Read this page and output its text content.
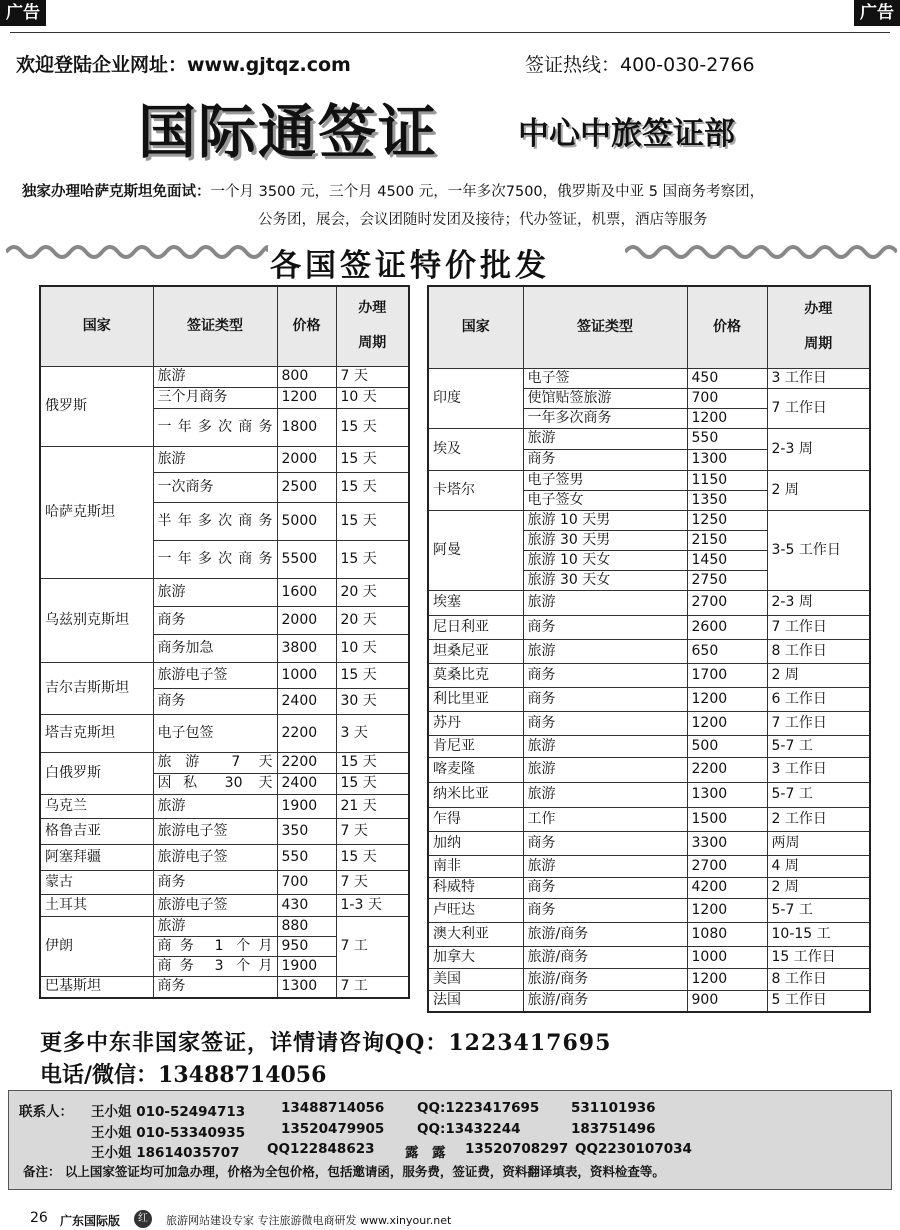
广告	广告
欢迎登陆企业网址：www.gjtqz.com	签证热线：400-030-2766
国际通签证	中心中旅签证部
独家办理哈萨克斯坦免面试：一个月 3500 元，三个月 4500 元，一年多次7500，俄罗斯及中亚 5 国商务考察团，
公务团，展会，会议团随时发团及接待；代办签证，机票，酒店等服务
各国签证特价批发
国家	签证类型	价格	办理
周期

俄罗斯	旅游	800	7 天
	三个月商务	1200	10 天
	一年多次商务	1800	15 天
哈萨克斯坦	旅游	2000	15 天
	一次商务	2500	15 天
	半年多次商务	5000	15 天
	一年多次商务	5500	15 天
乌兹别克斯坦	旅游	1600	20 天
	商务	2000	20 天
	商务加急	3800	10 天
吉尔吉斯斯坦	旅游电子签	1000	15 天
	商务	2400	30 天
塔吉克斯坦	电子包签	2200	3 天
白俄罗斯	旅游 7 天	2200	15 天
	因私 30 天	2400	15 天
乌克兰	旅游	1900	21 天
格鲁吉亚	旅游电子签	350	7 天
阿塞拜疆	旅游电子签	550	15 天
蒙古	商务	700	7 天
土耳其	旅游电子签	430	1-3 天
伊朗	旅游	880	7 工
	商务 1 个月	950	
	商务 3 个月	1900	
巴基斯坦	商务	1300	7 工
国家	签证类型	价格	办理
周期

印度	电子签	450	3 工作日
	使馆贴签旅游	700	7 工作日
	一年多次商务	1200	
埃及	旅游	550	2-3 周
	商务	1300	
卡塔尔	电子签男	1150	2 周
	电子签女	1350	
阿曼	旅游 10 天男	1250	3-5 工作日
	旅游 30 天男	2150	
	旅游 10 天女	1450	
	旅游 30 天女	2750	
埃塞	旅游	2700	2-3 周
尼日利亚	商务	2600	7 工作日
坦桑尼亚	旅游	650	8 工作日
莫桑比克	商务	1700	2 周
利比里亚	商务	1200	6 工作日
苏丹	商务	1200	7 工作日
肯尼亚	旅游	500	5-7 工
喀麦隆	旅游	2200	3 工作日
纳米比亚	旅游	1300	5-7 工
乍得	工作	1500	2 工作日
加纳	商务	3300	两周
南非	旅游	2700	4 周
科威特	商务	4200	2 周
卢旺达	商务	1200	5-7 工
澳大利亚	旅游/商务	1080	10-15 工
加拿大	旅游/商务	1000	15 工作日
美国	旅游/商务	1200	8 工作日
法国	旅游/商务	900	5 工作日
更多中东非国家签证，详情请咨询QQ：1223417695
电话/微信：13488714056
联系人： 王小姐 010-52494713	13488714056 QQ:1223417695 531101936
王小姐 010-53340935	13520479905 QQ:13432244	183751496
王小姐 18614035707 QQ122848623 露　露 13520708297 QQ2230107034
备注： 以上国家签证均可加急办理，价格为全包价格，包括邀请函，服务费，签证费，资料翻译填表，资料检查等。
26 广东国际版	红	旅游网站建设专家 专注旅游微电商研发 www.xinyour.net
